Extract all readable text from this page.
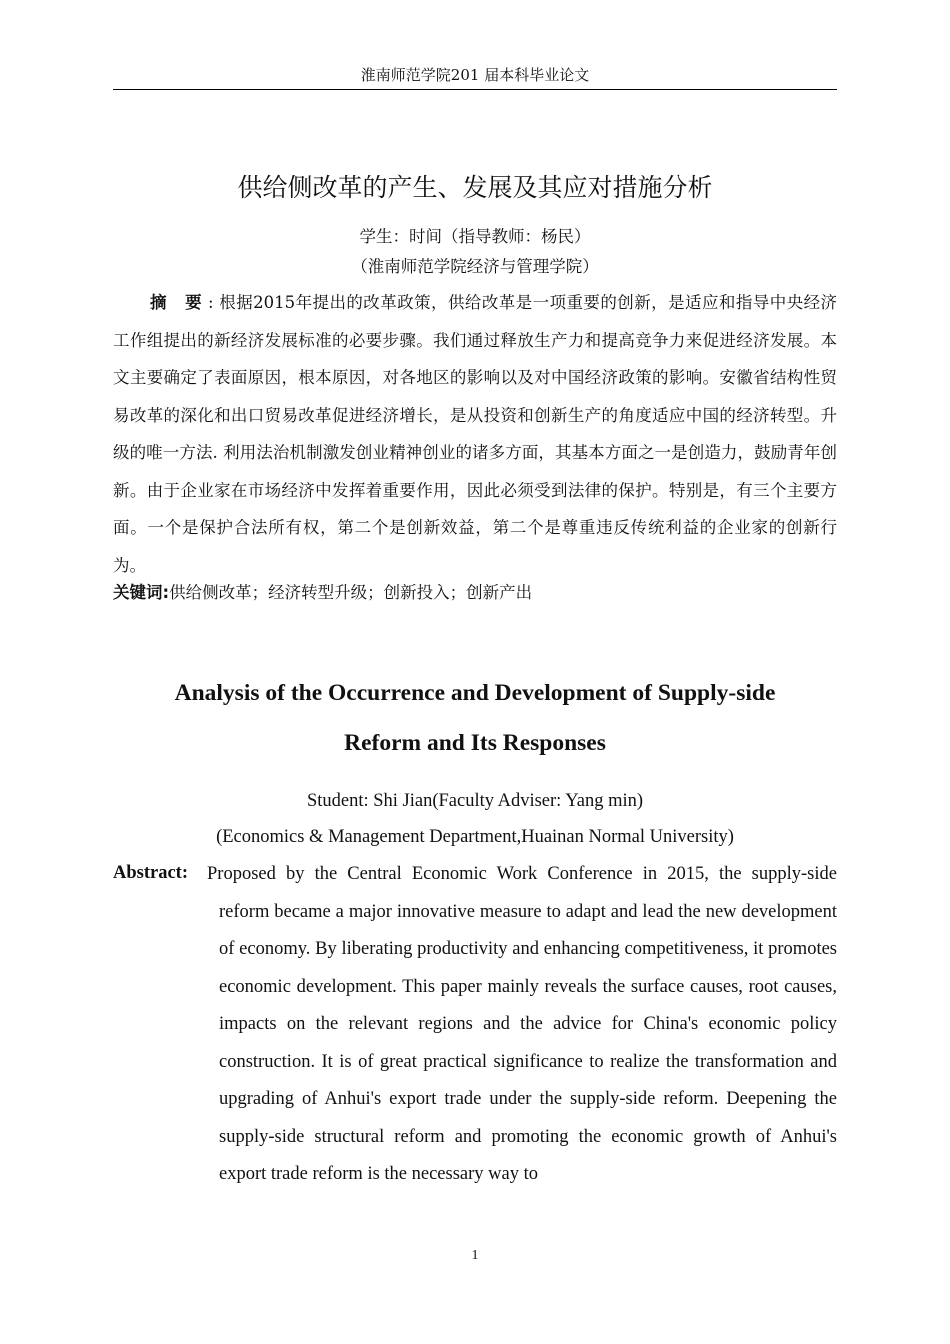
淮南师范学院201 届本科毕业论文
供给侧改革的产生、发展及其应对措施分析
学生：时间（指导教师：杨民）
（淮南师范学院经济与管理学院）

摘 要: 根据2015年提出的改革政策，供给改革是一项重要的创新，是适应和指导中央经济工作组提出的新经济发展标准的必要步骤。我们通过释放生产力和提高竞争力来促进经济发展。本文主要确定了表面原因，根本原因，对各地区的影响以及对中国经济政策的影响。安徽省结构性贸易改革的深化和出口贸易改革促进经济增长，是从投资和创新生产的角度适应中国的经济转型。升级的唯一方法. 利用法治机制激发创业精神创业的诸多方面，其基本方面之一是创造力，鼓励青年创新。由于企业家在市场经济中发挥着重要作用，因此必须受到法律的保护。特别是，有三个主要方面。一个是保护合法所有权，第二个是创新效益，第二个是尊重违反传统利益的企业家的创新行为。

关键词:供给侧改革；经济转型升级；创新投入；创新产出
Analysis of the Occurrence and Development of Supply-side
Reform and Its Responses
Student: Shi Jian(Faculty Adviser: Yang min)
(Economics & Management Department,Huainan Normal University)
Abstract: Proposed by the Central Economic Work Conference in 2015, the supply-side reform became a major innovative measure to adapt and lead the new development of economy. By liberating productivity and enhancing competitiveness, it promotes economic development. This paper mainly reveals the surface causes, root causes, impacts on the relevant regions and the advice for China's economic policy construction. It is of great practical significance to realize the transformation and upgrading of Anhui's export trade under the supply-side reform. Deepening the supply-side structural reform and promoting the economic growth of Anhui's export trade reform is the necessary way to

1
